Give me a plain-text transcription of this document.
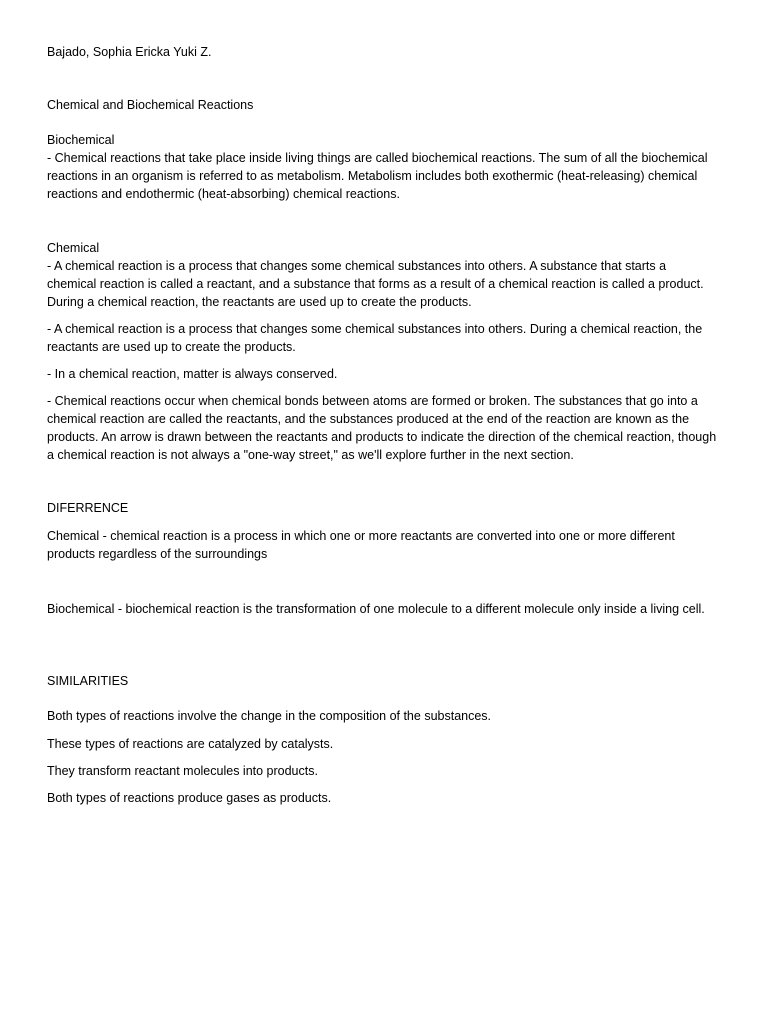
Bajado, Sophia Ericka Yuki Z.

Chemical and Biochemical Reactions

Biochemical

- Chemical reactions that take place inside living things are called biochemical reactions. The sum of all the biochemical reactions in an organism is referred to as metabolism. Metabolism includes both exothermic (heat-releasing) chemical reactions and endothermic (heat-absorbing) chemical reactions.

Chemical

- A chemical reaction is a process that changes some chemical substances into others. A substance that starts a chemical reaction is called a reactant, and a substance that forms as a result of a chemical reaction is called a product. During a chemical reaction, the reactants are used up to create the products.

- A chemical reaction is a process that changes some chemical substances into others. During a chemical reaction, the reactants are used up to create the products.

- In a chemical reaction, matter is always conserved.

- Chemical reactions occur when chemical bonds between atoms are formed or broken. The substances that go into a chemical reaction are called the reactants, and the substances produced at the end of the reaction are known as the products. An arrow is drawn between the reactants and products to indicate the direction of the chemical reaction, though a chemical reaction is not always a "one-way street," as we'll explore further in the next section.

DIFERRENCE

Chemical - chemical reaction is a process in which one or more reactants are converted into one or more different products regardless of the surroundings

Biochemical - biochemical reaction is the transformation of one molecule to a different molecule only inside a living cell.

SIMILARITIES

Both types of reactions involve the change in the composition of the substances.

These types of reactions are catalyzed by catalysts.

They transform reactant molecules into products.

Both types of reactions produce gases as products.
